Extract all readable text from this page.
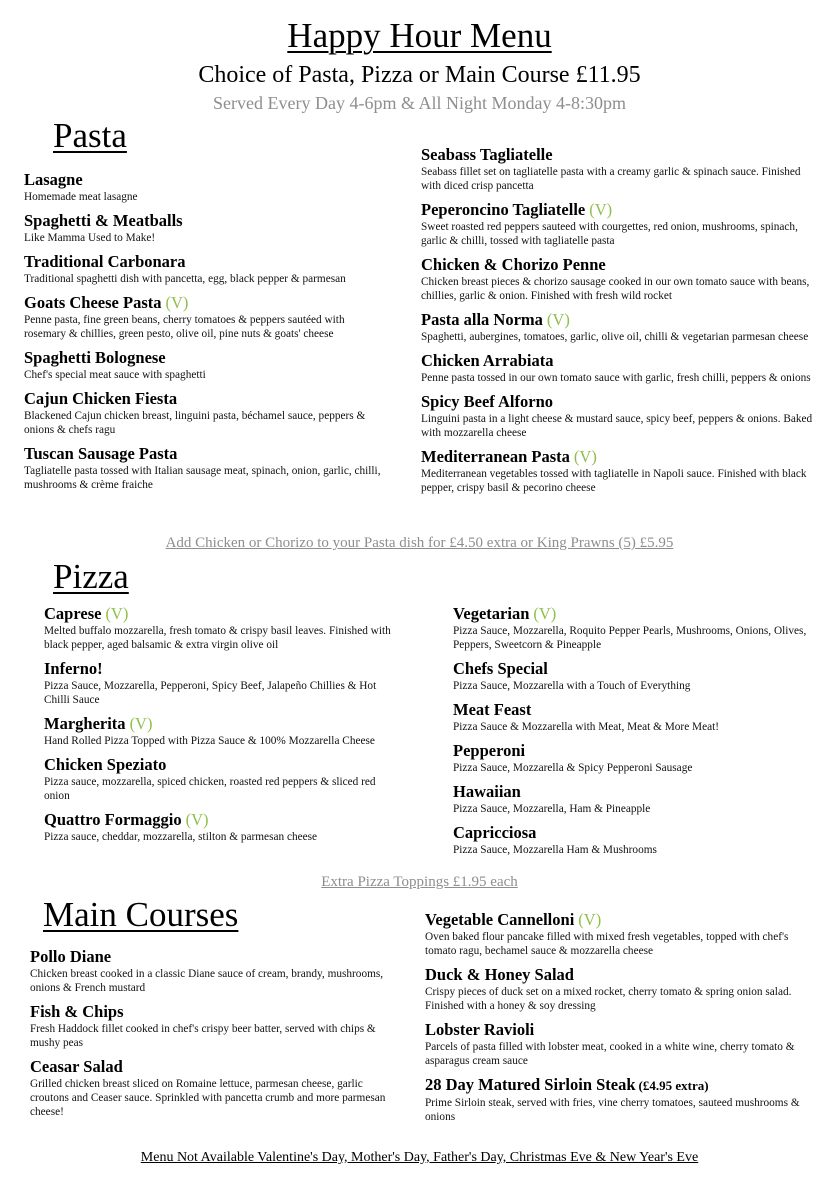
Happy Hour Menu
Choice of Pasta, Pizza or Main Course £11.95
Served Every Day 4-6pm & All Night Monday 4-8:30pm
Pasta
Lasagne
Homemade meat lasagne
Spaghetti & Meatballs
Like Mamma Used to Make!
Traditional Carbonara
Traditional spaghetti dish with pancetta, egg, black pepper & parmesan
Goats Cheese Pasta (V)
Penne pasta, fine green beans, cherry tomatoes & peppers sautéed with rosemary & chillies, green pesto, olive oil, pine nuts & goats' cheese
Spaghetti Bolognese
Chef's special meat sauce with spaghetti
Cajun Chicken Fiesta
Blackened Cajun chicken breast, linguini pasta, béchamel sauce, peppers & onions & chefs ragu
Tuscan Sausage Pasta
Tagliatelle pasta tossed with Italian sausage meat, spinach, onion, garlic, chilli, mushrooms & crème fraiche
Seabass Tagliatelle
Seabass fillet set on tagliatelle pasta with a creamy garlic & spinach sauce. Finished with diced crisp pancetta
Peperoncino Tagliatelle (V)
Sweet roasted red peppers sauteed with courgettes, red onion, mushrooms, spinach, garlic & chilli, tossed with tagliatelle pasta
Chicken & Chorizo Penne
Chicken breast pieces & chorizo sausage cooked in our own tomato sauce with beans, chillies, garlic & onion. Finished with fresh wild rocket
Pasta alla Norma (V)
Spaghetti, aubergines, tomatoes, garlic, olive oil, chilli & vegetarian parmesan cheese
Chicken Arrabiata
Penne pasta tossed in our own tomato sauce with garlic, fresh chilli, peppers & onions
Spicy Beef Alforno
Linguini pasta in a light cheese & mustard sauce, spicy beef, peppers & onions. Baked with mozzarella cheese
Mediterranean Pasta (V)
Mediterranean vegetables tossed with tagliatelle in Napoli sauce. Finished with black pepper, crispy basil & pecorino cheese
Add Chicken or Chorizo to your Pasta dish for £4.50 extra or King Prawns (5) £5.95
Pizza
Caprese (V)
Melted buffalo mozzarella, fresh tomato & crispy basil leaves. Finished with black pepper, aged balsamic & extra virgin olive oil
Inferno!
Pizza Sauce, Mozzarella, Pepperoni, Spicy Beef, Jalapeño Chillies & Hot Chilli Sauce
Margherita (V)
Hand Rolled Pizza Topped with Pizza Sauce & 100% Mozzarella Cheese
Chicken Speziato
Pizza sauce, mozzarella, spiced chicken, roasted red peppers & sliced red onion
Quattro Formaggio (V)
Pizza sauce, cheddar, mozzarella, stilton & parmesan cheese
Vegetarian (V)
Pizza Sauce, Mozzarella, Roquito Pepper Pearls, Mushrooms, Onions, Olives, Peppers, Sweetcorn & Pineapple
Chefs Special
Pizza Sauce, Mozzarella with a Touch of Everything
Meat Feast
Pizza Sauce & Mozzarella with Meat, Meat & More Meat!
Pepperoni
Pizza Sauce, Mozzarella & Spicy Pepperoni Sausage
Hawaiian
Pizza Sauce, Mozzarella, Ham & Pineapple
Capricciosa
Pizza Sauce, Mozzarella Ham & Mushrooms
Extra Pizza Toppings £1.95 each
Main Courses
Pollo Diane
Chicken breast cooked in a classic Diane sauce of cream, brandy, mushrooms, onions & French mustard
Fish & Chips
Fresh Haddock fillet cooked in chef's crispy beer batter, served with chips & mushy peas
Ceasar Salad
Grilled chicken breast sliced on Romaine lettuce, parmesan cheese, garlic croutons and Ceaser sauce. Sprinkled with pancetta crumb and more parmesan cheese!
Vegetable Cannelloni (V)
Oven baked flour pancake filled with mixed fresh vegetables, topped with chef's tomato ragu, bechamel sauce & mozzarella cheese
Duck & Honey Salad
Crispy pieces of duck set on a mixed rocket, cherry tomato & spring onion salad. Finished with a honey & soy dressing
Lobster Ravioli
Parcels of pasta filled with lobster meat, cooked in a white wine, cherry tomato & asparagus cream sauce
28 Day Matured Sirloin Steak (£4.95 extra)
Prime Sirloin steak, served with fries, vine cherry tomatoes, sauteed mushrooms & onions
Menu Not Available Valentine's Day, Mother's Day, Father's Day, Christmas Eve & New Year's Eve
